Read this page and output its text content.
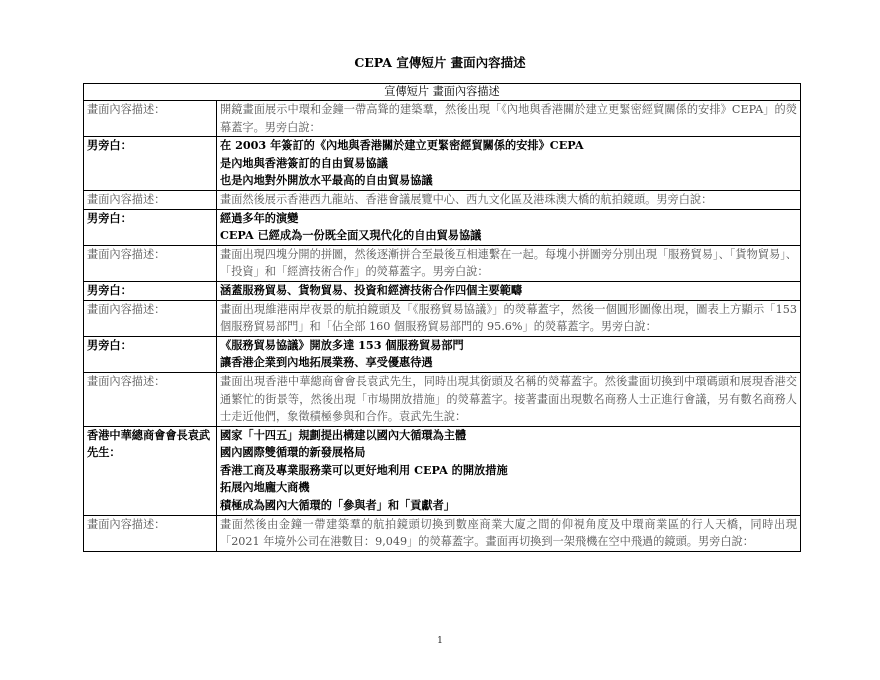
CEPA 宣傳短片 畫面內容描述
宣傳短片 畫面內容描述	
畫面內容描述：	開鏡畫面展示中環和金鐘一帶高聳的建築羣，然後出現「《內地與香港關於建立更緊密經貿關係的安排》CEPA」的熒幕蓋字。男旁白說：
男旁白：	在 2003 年簽訂的《內地與香港關於建立更緊密經貿關係的安排》CEPA
是內地與香港簽訂的自由貿易協議
也是內地對外開放水平最高的自由貿易協議

畫面內容描述：	畫面然後展示香港西九龍站、香港會議展覽中心、西九文化區及港珠澳大橋的航拍鏡頭。男旁白說：
男旁白：	經過多年的演變
CEPA 已經成為一份既全面又現代化的自由貿易協議

畫面內容描述：	畫面出現四塊分開的拼圖，然後逐漸拼合至最後互相連繫在一起。每塊小拼圖旁分別出現「服務貿易」、「貨物貿易」、「投資」和「經濟技術合作」的熒幕蓋字。男旁白說：
男旁白：	涵蓋服務貿易、貨物貿易、投資和經濟技術合作四個主要範疇

畫面內容描述：	畫面出現維港兩岸夜景的航拍鏡頭及「《服務貿易協議》」的熒幕蓋字，然後一個圓形圖像出現，圖表上方顯示「153 個服務貿易部門」和「佔全部 160 個服務貿易部門的 95.6%」的熒幕蓋字。男旁白說：
男旁白：	《服務貿易協議》開放多達 153 個服務貿易部門
讓香港企業到內地拓展業務、享受優惠待遇

畫面內容描述：	畫面出現香港中華總商會會長袁武先生，同時出現其銜頭及名稱的熒幕蓋字。然後畫面切換到中環碼頭和展現香港交通繁忙的街景等，然後出現「市場開放措施」的熒幕蓋字。接著畫面出現數名商務人士正進行會議，另有數名商務人士走近他們，象徵積極參與和合作。袁武先生說：
香港中華總商會會長袁武先生：	國家「十四五」規劃提出構建以國內大循環為主體
國內國際雙循環的新發展格局
香港工商及專業服務業可以更好地利用 CEPA 的開放措施
拓展內地龐大商機
積極成為國內大循環的「參與者」和「貢獻者」

畫面內容描述：	畫面然後由金鐘一帶建築羣的航拍鏡頭切換到數座商業大廈之間的仰視角度及中環商業區的行人天橋，同時出現「2021 年境外公司在港數目：9,049」的熒幕蓋字。畫面再切換到一架飛機在空中飛過的鏡頭。男旁白說：
1
